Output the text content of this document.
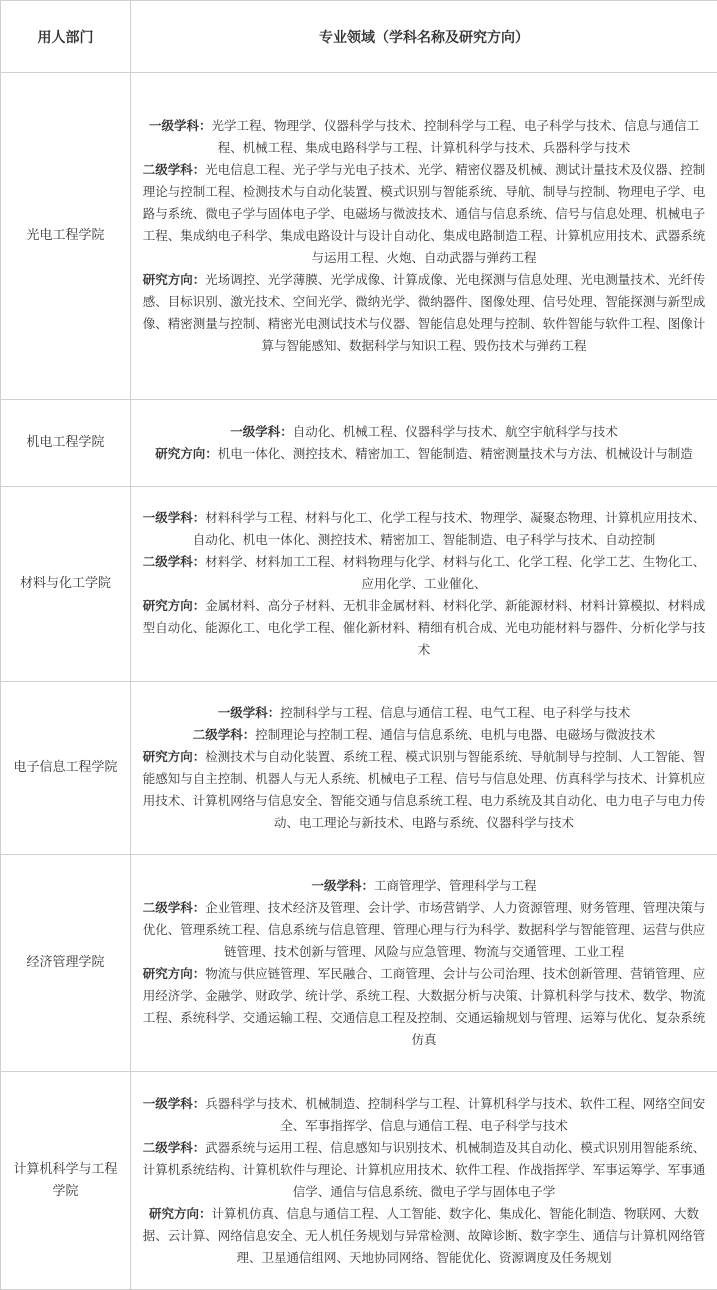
用人部门	专业领域（学科名称及研究方向）
光电工程学院	一级学科：光学工程、物理学、仪器科学与技术、控制科学与工程、电子科学与技术、信息与通信工程、机械工程、集成电路科学与工程、计算机科学与技术、兵器科学与技术

二级学科：光电信息工程、光子学与光电子技术、光学、精密仪器及机械、测试计量技术及仪器、控制理论与控制工程、检测技术与自动化装置、模式识别与智能系统、导航、制导与控制、物理电子学、电路与系统、微电子学与固体电子学、电磁场与微波技术、通信与信息系统、信号与信息处理、机械电子工程、集成纳电子科学、集成电路设计与设计自动化、集成电路制造工程、计算机应用技术、武器系统与运用工程、火炮、自动武器与弹药工程

研究方向：光场调控、光学薄膜、光学成像、计算成像、光电探测与信息处理、光电测量技术、光纤传感、目标识别、激光技术、空间光学、微纳光学、微纳器件、图像处理、信号处理、智能探测与新型成像、精密测量与控制、精密光电测试技术与仪器、智能信息处理与控制、软件智能与软件工程、图像计算与智能感知、数据科学与知识工程、毁伤技术与弹药工程

机电工程学院	一级学科：自动化、机械工程、仪器科学与技术、航空宇航科学与技术

研究方向：机电一体化、测控技术、精密加工、智能制造、精密测量技术与方法、机械设计与制造

材料与化工学院	一级学科：材料科学与工程、材料与化工、化学工程与技术、物理学、凝聚态物理、计算机应用技术、自动化、机电一体化、测控技术、精密加工、智能制造、电子科学与技术、自动控制

二级学科：材料学、材料加工工程、材料物理与化学、材料与化工、化学工程、化学工艺、生物化工、应用化学、工业催化、

研究方向：金属材料、高分子材料、无机非金属材料、材料化学、新能源材料、材料计算模拟、材料成型自动化、能源化工、电化学工程、催化新材料、精细有机合成、光电功能材料与器件、分析化学与技术

电子信息工程学院	一级学科：控制科学与工程、信息与通信工程、电气工程、电子科学与技术

二级学科：控制理论与控制工程、通信与信息系统、电机与电器、电磁场与微波技术

研究方向：检测技术与自动化装置、系统工程、模式识别与智能系统、导航制导与控制、人工智能、智能感知与自主控制、机器人与无人系统、机械电子工程、信号与信息处理、仿真科学与技术、计算机应用技术、计算机网络与信息安全、智能交通与信息系统工程、电力系统及其自动化、电力电子与电力传动、电工理论与新技术、电路与系统、仪器科学与技术

经济管理学院	一级学科：工商管理学、管理科学与工程

二级学科：企业管理、技术经济及管理、会计学、市场营销学、人力资源管理、财务管理、管理决策与优化、管理系统工程、信息系统与信息管理、管理心理与行为科学、数据科学与智能管理、运营与供应链管理、技术创新与管理、风险与应急管理、物流与交通管理、工业工程

研究方向：物流与供应链管理、军民融合、工商管理、会计与公司治理、技术创新管理、营销管理、应用经济学、金融学、财政学、统计学、系统工程、大数据分析与决策、计算机科学与技术、数学、物流工程、系统科学、交通运输工程、交通信息工程及控制、交通运输规划与管理、运筹与优化、复杂系统仿真

计算机科学与工程学院	一级学科：兵器科学与技术、机械制造、控制科学与工程、计算机科学与技术、软件工程、网络空间安全、军事指挥学、信息与通信工程、电子科学与技术

二级学科：武器系统与运用工程、信息感知与识别技术、机械制造及其自动化、模式识别用智能系统、计算机系统结构、计算机软件与理论、计算机应用技术、软件工程、作战指挥学、军事运筹学、军事通信学、通信与信息系统、微电子学与固体电子学

研究方向：计算机仿真、信息与通信工程、人工智能、数字化、集成化、智能化制造、物联网、大数据、云计算、网络信息安全、无人机任务规划与异常检测、故障诊断、数字孪生、通信与计算机网络管理、卫星通信组网、天地协同网络、智能优化、资源调度及任务规划
